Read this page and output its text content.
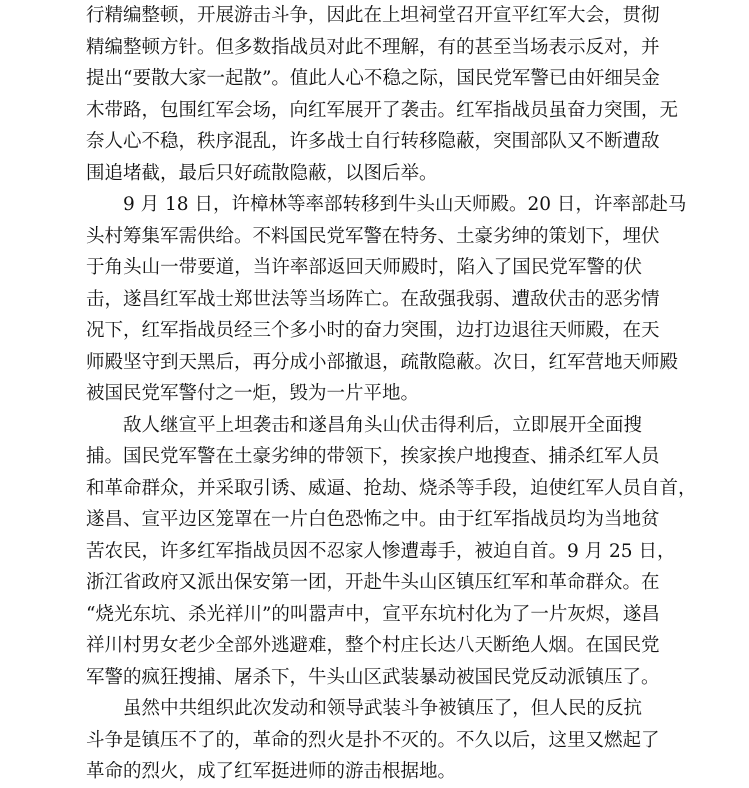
行精编整顿，开展游击斗争，因此在上坦祠堂召开宣平红军大会，贯彻
精编整顿方针。但多数指战员对此不理解，有的甚至当场表示反对，并
提出“要散大家一起散”。值此人心不稳之际，国民党军警已由奸细吴金
木带路，包围红军会场，向红军展开了袭击。红军指战员虽奋力突围，无
奈人心不稳，秩序混乱，许多战士自行转移隐蔽，突围部队又不断遭敌
围追堵截，最后只好疏散隐蔽，以图后举。

9 月 18 日，许樟林等率部转移到牛头山天师殿。20 日，许率部赴马
头村筹集军需供给。不料国民党军警在特务、土豪劣绅的策划下，埋伏
于角头山一带要道，当许率部返回天师殿时，陷入了国民党军警的伏
击，遂昌红军战士郑世法等当场阵亡。在敌强我弱、遭敌伏击的恶劣情
况下，红军指战员经三个多小时的奋力突围，边打边退往天师殿，在天
师殿坚守到天黑后，再分成小部撤退，疏散隐蔽。次日，红军营地天师殿
被国民党军警付之一炬，毁为一片平地。

敌人继宣平上坦袭击和遂昌角头山伏击得利后，立即展开全面搜
捕。国民党军警在土豪劣绅的带领下，挨家挨户地搜查、捕杀红军人员
和革命群众，并采取引诱、威逼、抢劫、烧杀等手段，迫使红军人员自首，
遂昌、宣平边区笼罩在一片白色恐怖之中。由于红军指战员均为当地贫
苦农民，许多红军指战员因不忍家人惨遭毒手，被迫自首。9 月 25 日，
浙江省政府又派出保安第一团，开赴牛头山区镇压红军和革命群众。在
“烧光东坑、杀光祥川”的叫嚣声中，宣平东坑村化为了一片灰烬，遂昌
祥川村男女老少全部外逃避难，整个村庄长达八天断绝人烟。在国民党
军警的疯狂搜捕、屠杀下，牛头山区武装暴动被国民党反动派镇压了。

虽然中共组织此次发动和领导武装斗争被镇压了，但人民的反抗
斗争是镇压不了的，革命的烈火是扑不灭的。不久以后，这里又燃起了
革命的烈火，成了红军挺进师的游击根据地。
